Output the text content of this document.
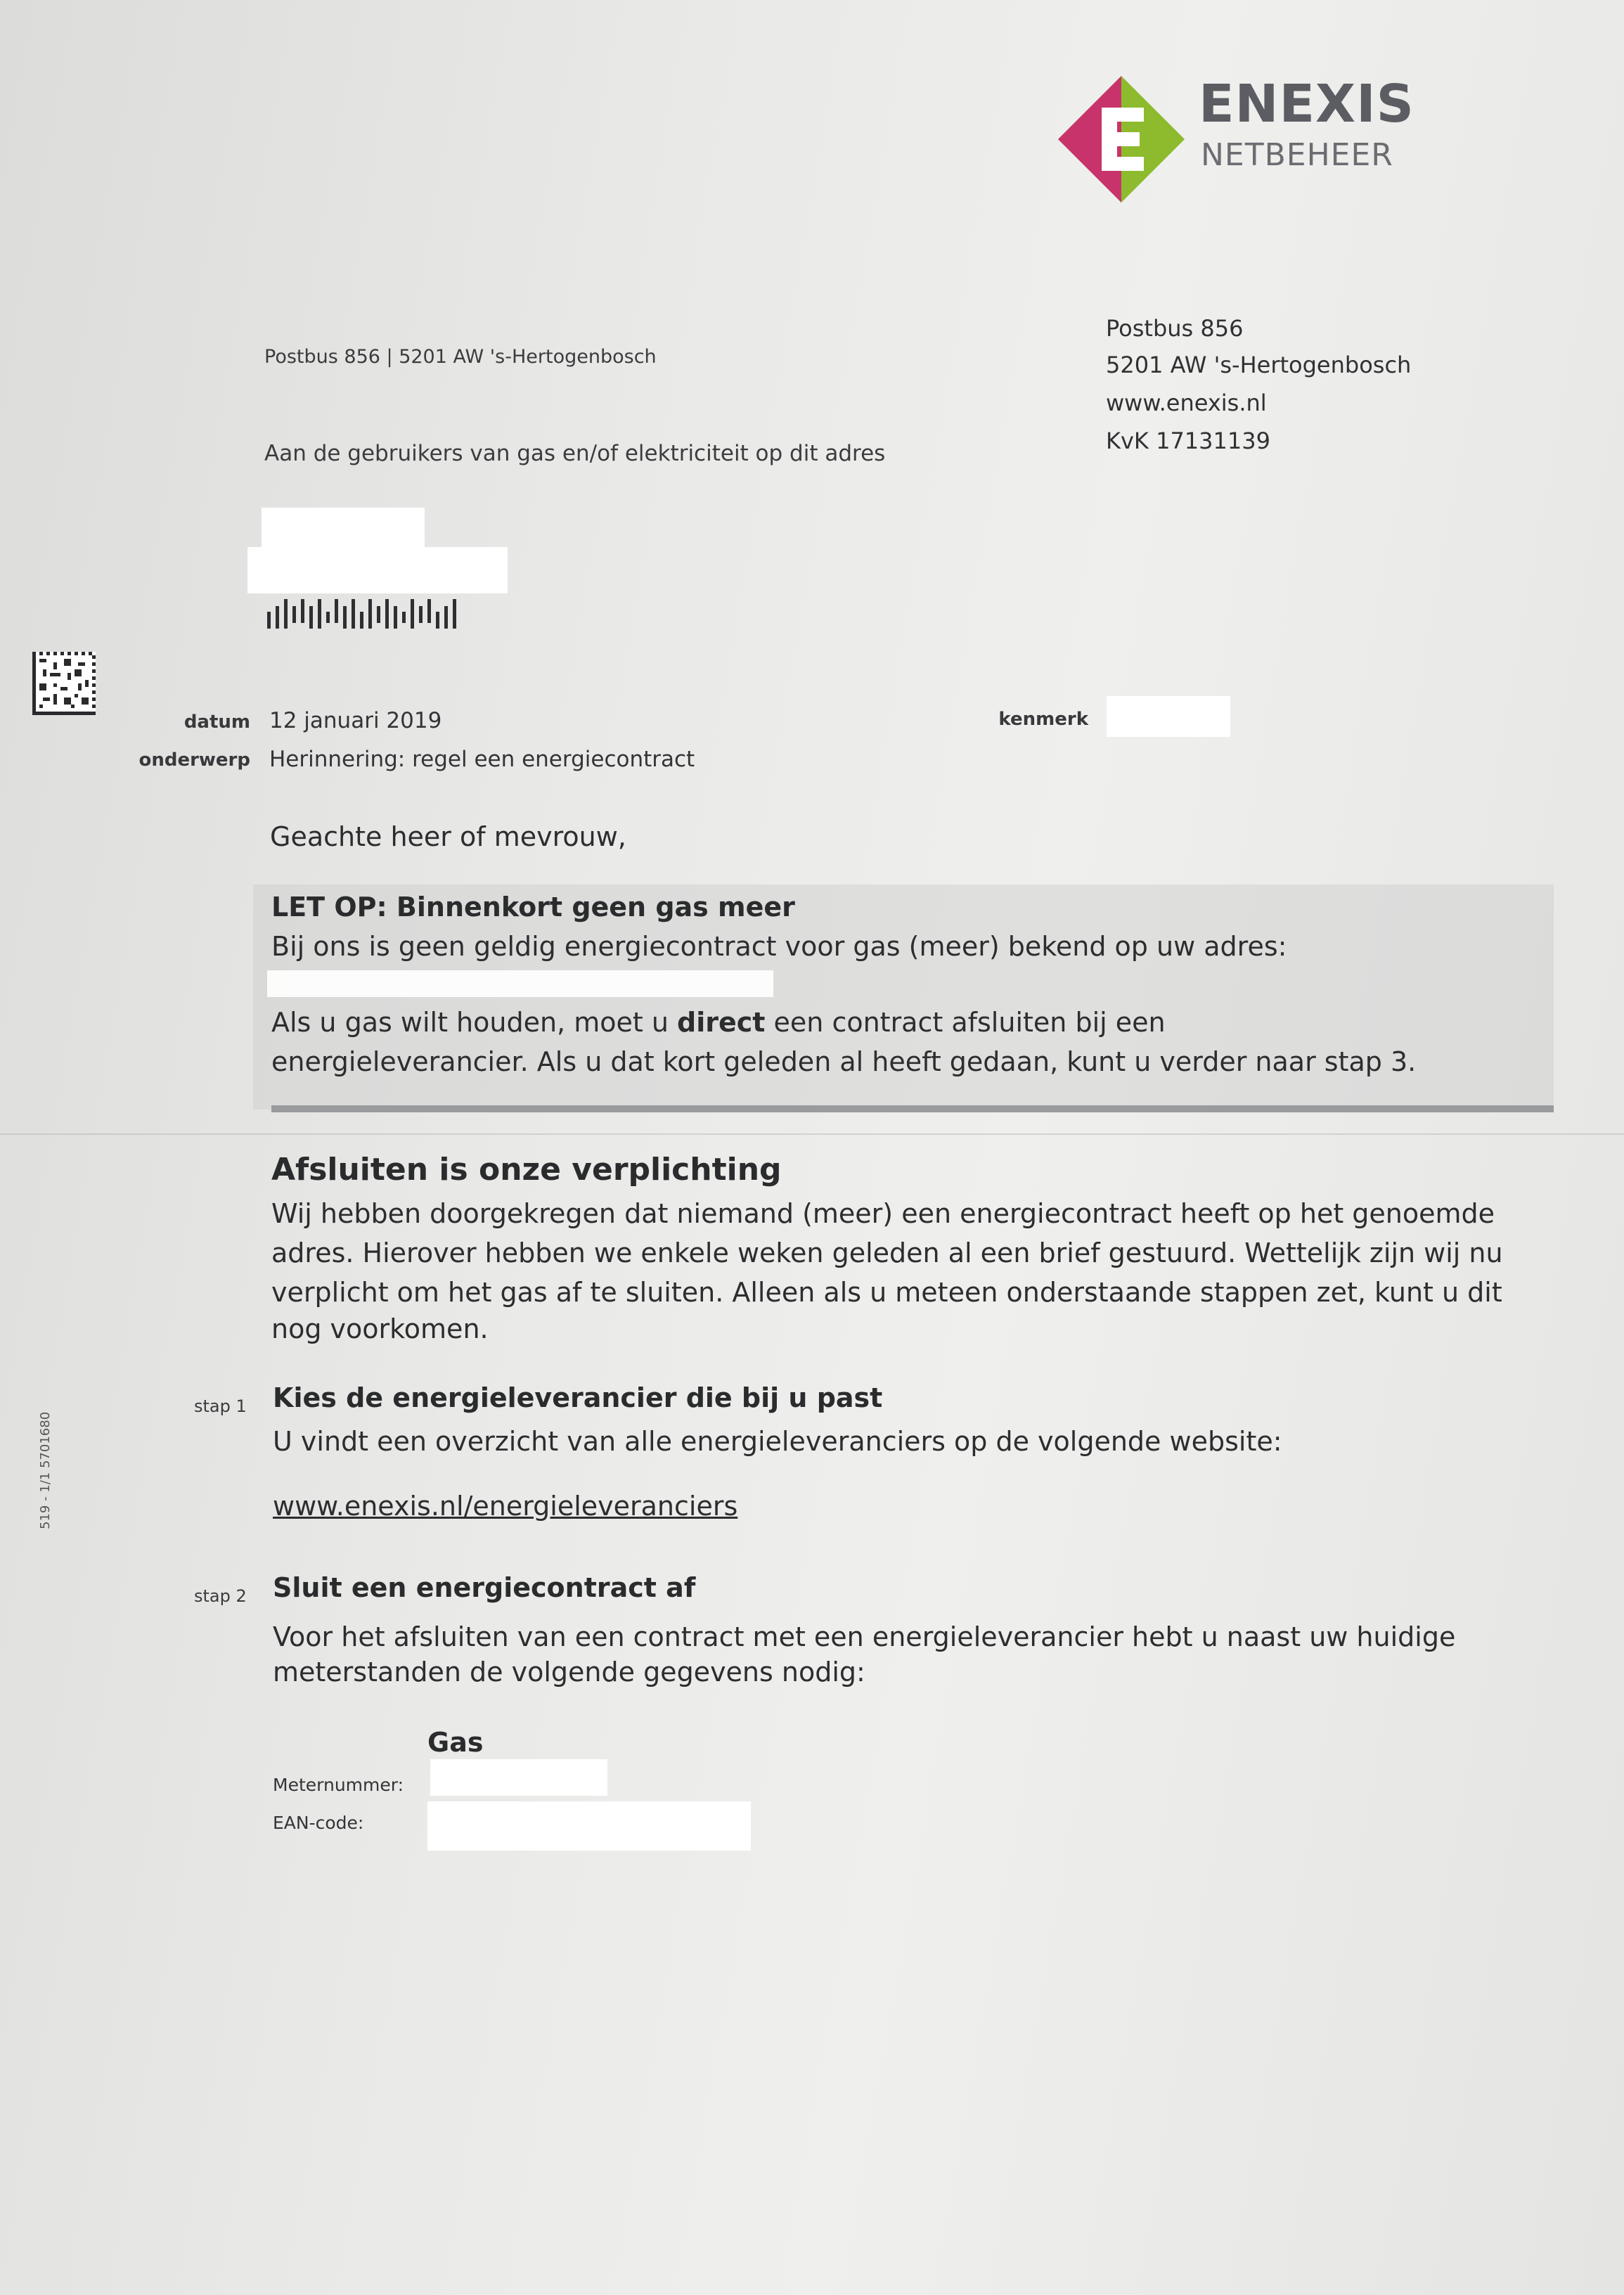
ENEXIS
NETBEHEER
Postbus 856
5201 AW 's-Hertogenbosch
www.enexis.nl
KvK 17131139
Postbus 856 | 5201 AW 's-Hertogenbosch
Aan de gebruikers van gas en/of elektriciteit op dit adres
datum 12 januari 2019
onderwerp Herinnering: regel een energiecontract
kenmerk
Geachte heer of mevrouw,
LET OP: Binnenkort geen gas meer
Bij ons is geen geldig energiecontract voor gas (meer) bekend op uw adres:
Als u gas wilt houden, moet u direct een contract afsluiten bij een
energieleverancier. Als u dat kort geleden al heeft gedaan, kunt u verder naar stap 3.
Afsluiten is onze verplichting
Wij hebben doorgekregen dat niemand (meer) een energiecontract heeft op het genoemde
adres. Hierover hebben we enkele weken geleden al een brief gestuurd. Wettelijk zijn wij nu
verplicht om het gas af te sluiten. Alleen als u meteen onderstaande stappen zet, kunt u dit
nog voorkomen.
stap 1 Kies de energieleverancier die bij u past
U vindt een overzicht van alle energieleveranciers op de volgende website:
www.enexis.nl/energieleveranciers
stap 2 Sluit een energiecontract af
Voor het afsluiten van een contract met een energieleverancier hebt u naast uw huidige
meterstanden de volgende gegevens nodig:
Gas
Meternummer:
EAN-code:
519 - 1/1 5701680
